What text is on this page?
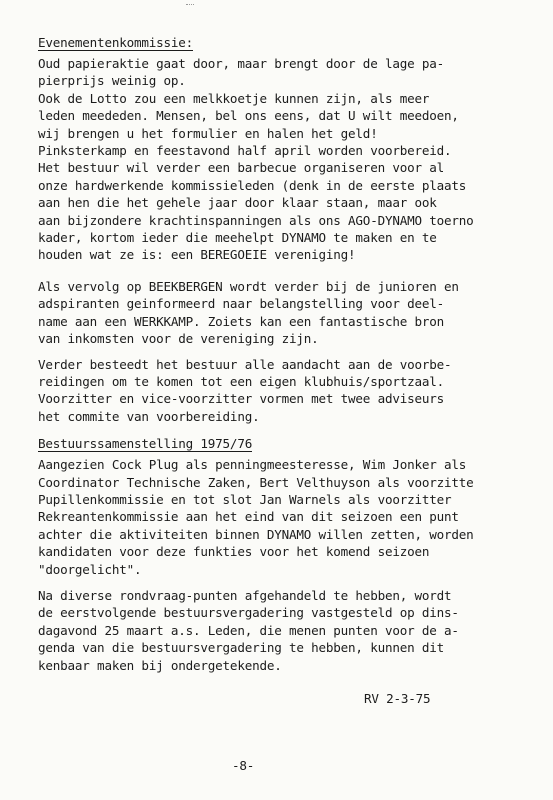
Evenementenkommissie:
Oud papieraktie gaat door, maar brengt door de lage pa-
pierprijs weinig op.
Ook de Lotto zou een melkkoetje kunnen zijn, als meer
leden meededen. Mensen, bel ons eens, dat U wilt meedoen,
wij brengen u het formulier en halen het geld!
Pinksterkamp en feestavond half april worden voorbereid.
Het bestuur wil verder een barbecue organiseren voor al
onze hardwerkende kommissieleden (denk in de eerste plaats
aan hen die het gehele jaar door klaar staan, maar ook
aan bijzondere krachtinspanningen als ons AGO-DYNAMO toerno
kader, kortom ieder die meehelpt DYNAMO te maken en te
houden wat ze is: een BEREGOEIE vereniging!
Als vervolg op BEEKBERGEN wordt verder bij de junioren en
adspiranten geinformeerd naar belangstelling voor deel-
name aan een WERKKAMP. Zoiets kan een fantastische bron
van inkomsten voor de vereniging zijn.
Verder besteedt het bestuur alle aandacht aan de voorbe-
reidingen om te komen tot een eigen klubhuis/sportzaal.
Voorzitter en vice-voorzitter vormen met twee adviseurs
het commite van voorbereiding.
Bestuurssamenstelling 1975/76
Aangezien Cock Plug als penningmeesteresse, Wim Jonker als
Coordinator Technische Zaken, Bert Velthuyson als voorzitte
Pupillenkommissie en tot slot Jan Warnels als voorzitter
Rekreantenkommissie aan het eind van dit seizoen een punt
achter die aktiviteiten binnen DYNAMO willen zetten, worden
kandidaten voor deze funkties voor het komend seizoen
"doorgelicht".
Na diverse rondvraag-punten afgehandeld te hebben, wordt
de eerstvolgende bestuursvergadering vastgesteld op dins-
dagavond 25 maart a.s. Leden, die menen punten voor de a-
genda van die bestuursvergadering te hebben, kunnen dit
kenbaar maken bij ondergetekende.
RV 2-3-75
-8-
